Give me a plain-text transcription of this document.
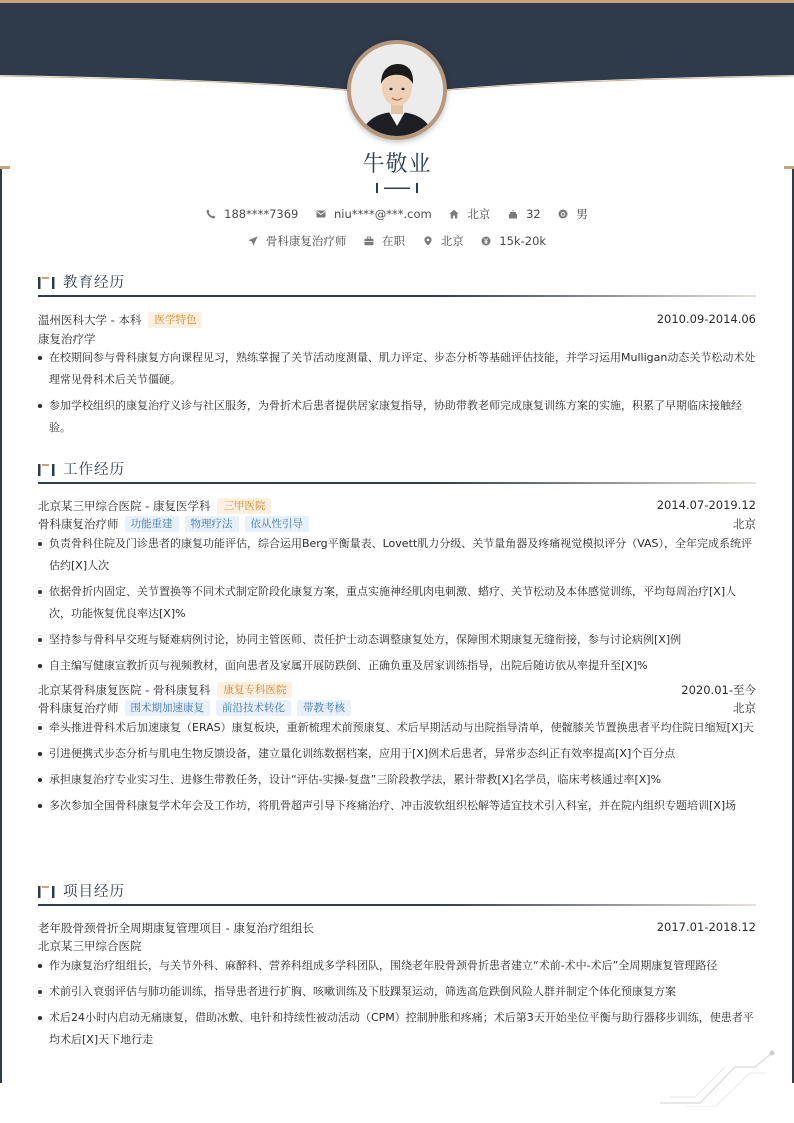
牛敬业
188****7369
	niu****@***.com
	北京
	32
	男
骨科康复治疗师
	在职
	北京
	15k-20k
教育经历
温州医科大学 - 本科	医学特色	2010.09-2014.06
康复治疗学
在校期间参与骨科康复方向课程见习，熟练掌握了关节活动度测量、肌力评定、步态分析等基础评估技能，并学习运用Mulligan动态关节松动术处理常见骨科术后关节僵硬。
参加学校组织的康复治疗义诊与社区服务，为骨折术后患者提供居家康复指导，协助带教老师完成康复训练方案的实施，积累了早期临床接触经验。
工作经历
北京某三甲综合医院 - 康复医学科	三甲医院	2014.07-2019.12
骨科康复治疗师	功能重建	物理疗法	依从性引导	北京
负责骨科住院及门诊患者的康复功能评估，综合运用Berg平衡量表、Lovett肌力分级、关节量角器及疼痛视觉模拟评分（VAS），全年完成系统评估约[X]人次
依据骨折内固定、关节置换等不同术式制定阶段化康复方案，重点实施神经肌肉电刺激、蜡疗、关节松动及本体感觉训练，平均每周治疗[X]人次，功能恢复优良率达[X]%
坚持参与骨科早交班与疑难病例讨论，协同主管医师、责任护士动态调整康复处方，保障围术期康复无缝衔接，参与讨论病例[X]例
自主编写健康宣教折页与视频教材，面向患者及家属开展防跌倒、正确负重及居家训练指导，出院后随访依从率提升至[X]%
北京某骨科康复医院 - 骨科康复科	康复专科医院	2020.01-至今
骨科康复治疗师	围术期加速康复	前沿技术转化	带教考核	北京
牵头推进骨科术后加速康复（ERAS）康复板块，重新梳理术前预康复、术后早期活动与出院指导清单，使髋膝关节置换患者平均住院日缩短[X]天
引进便携式步态分析与肌电生物反馈设备，建立量化训练数据档案，应用于[X]例术后患者，异常步态纠正有效率提高[X]个百分点
承担康复治疗专业实习生、进修生带教任务，设计“评估-实操-复盘”三阶段教学法，累计带教[X]名学员，临床考核通过率[X]%
多次参加全国骨科康复学术年会及工作坊，将肌骨超声引导下疼痛治疗、冲击波软组织松解等适宜技术引入科室，并在院内组织专题培训[X]场
项目经历
老年股骨颈骨折全周期康复管理项目 - 康复治疗组组长	2017.01-2018.12
北京某三甲综合医院
作为康复治疗组组长，与关节外科、麻醉科、营养科组成多学科团队，围绕老年股骨颈骨折患者建立“术前-术中-术后”全周期康复管理路径
术前引入衰弱评估与肺功能训练，指导患者进行扩胸、咳嗽训练及下肢踝泵运动，筛选高危跌倒风险人群并制定个体化预康复方案
术后24小时内启动无痛康复，借助冰敷、电针和持续性被动活动（CPM）控制肿胀和疼痛；术后第3天开始坐位平衡与助行器移步训练，使患者平均术后[X]天下地行走
